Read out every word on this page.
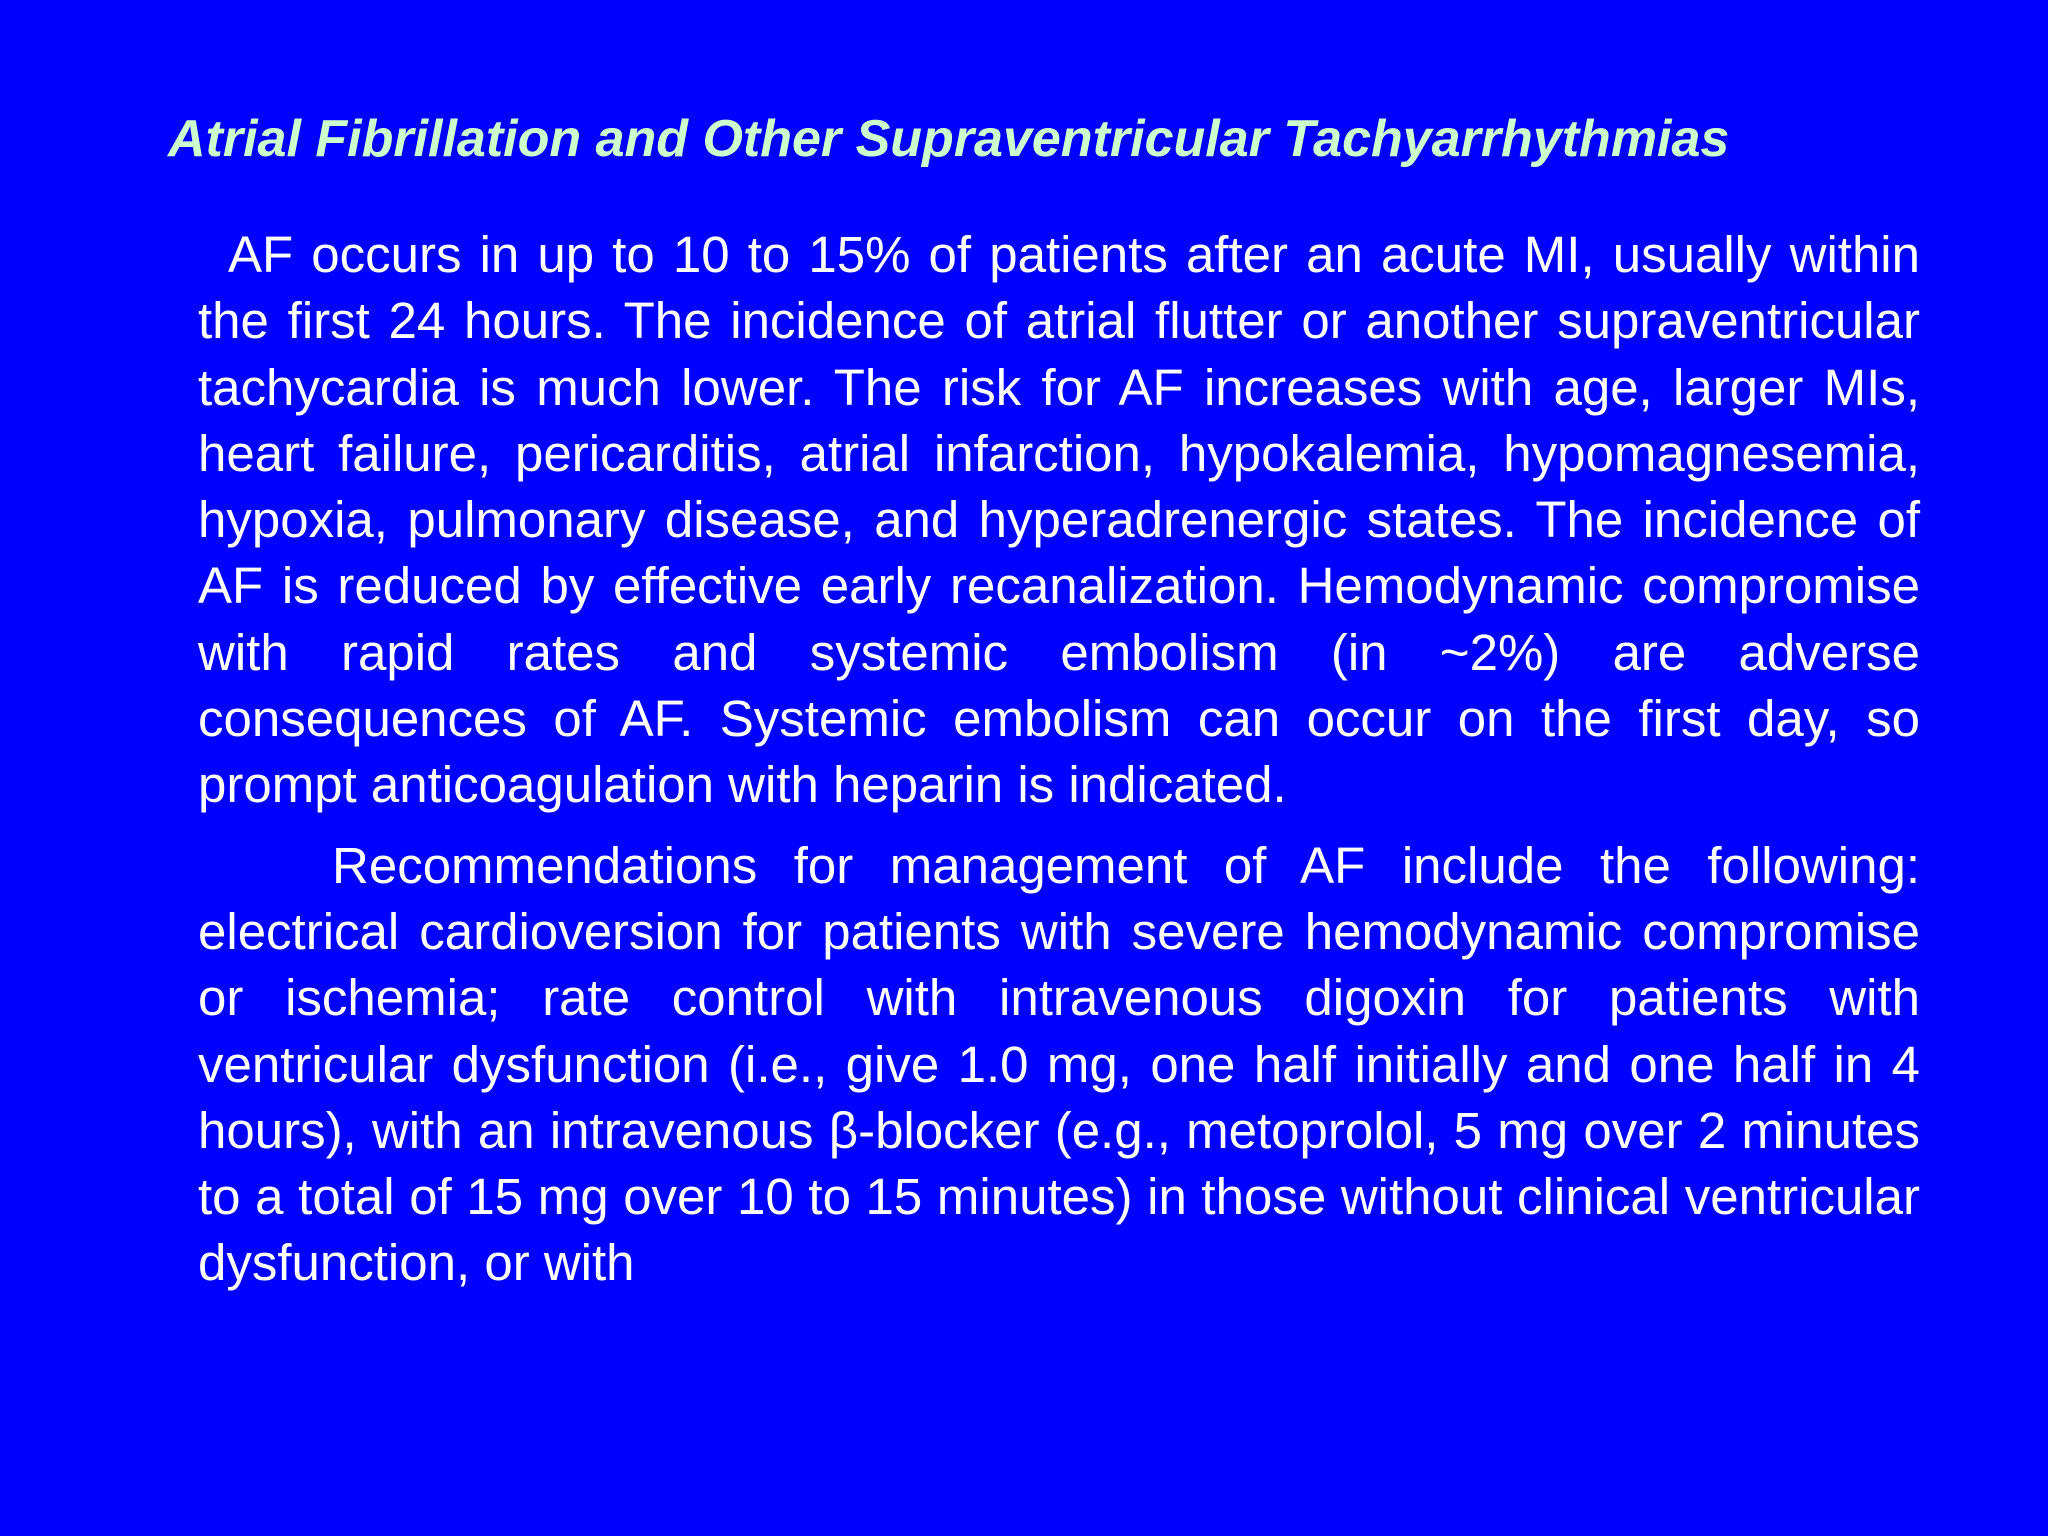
Atrial Fibrillation and Other Supraventricular Tachyarrhythmias

AF occurs in up to 10 to 15% of patients after an acute MI, usually within the first 24 hours. The incidence of atrial flutter or another supraventricular tachycardia is much lower. The risk for AF increases with age, larger MIs, heart failure, pericarditis, atrial infarction, hypokalemia, hypomagnesemia, hypoxia, pulmonary disease, and hyperadrenergic states. The incidence of AF is reduced by effective early recanalization. Hemodynamic compromise with rapid rates and systemic embolism (in ~2%) are adverse consequences of AF. Systemic embolism can occur on the first day, so prompt anticoagulation with heparin is indicated.

Recommendations for management of AF include the following: electrical cardioversion for patients with severe hemodynamic compromise or ischemia; rate control with intravenous digoxin for patients with ventricular dysfunction (i.e., give 1.0 mg, one half initially and one half in 4 hours), with an intravenous β-blocker (e.g., metoprolol, 5 mg over 2 minutes to a total of 15 mg over 10 to 15 minutes) in those without clinical ventricular dysfunction, or with
